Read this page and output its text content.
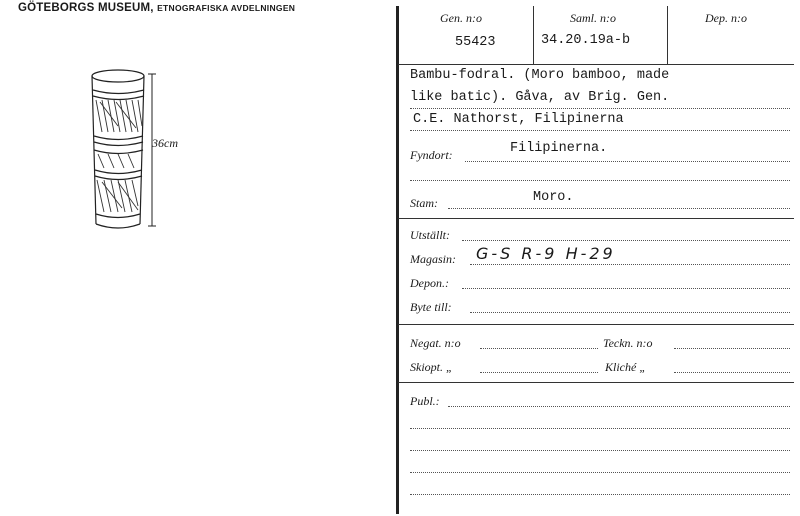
GÖTEBORGS MUSEUM, ETNOGRAFISKA AVDELNINGEN
36cm
Gen. n:o	Saml. n:o	Dep. n:o
55423	34.20.19a-b
Bambu-fodral. (Moro bamboo, made
like batic). Gåva, av Brig. Gen.
C.E. Nathorst, Filipinerna
Fyndort:	Filipinerna.
Stam:	Moro.
Utställt:
Magasin: G-S R-9 H-29
Depon.:
Byte till:
Negat. n:o	Teckn. n:o
Skiopt. „	Kliché „
Publ.:
